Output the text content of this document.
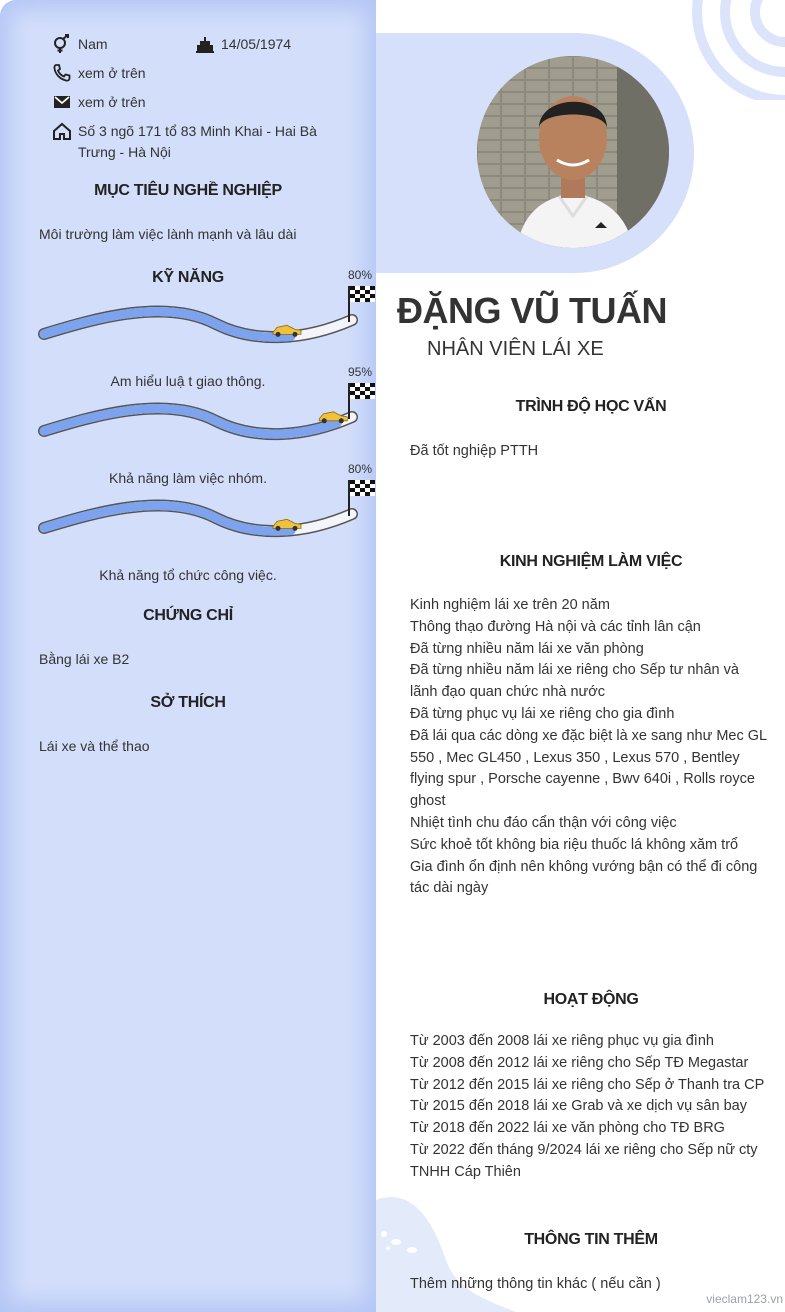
Nam	14/05/1974
xem ở trên
xem ở trên
Số 3 ngõ 171 tổ 83 Minh Khai - Hai Bà Trưng - Hà Nội
MỤC TIÊU NGHỀ NGHIỆP
Môi trường làm việc lành mạnh và lâu dài
KỸ NĂNG	80%
Am hiểu luậ t giao thông.
95%
Khả năng làm việc nhóm.
80%
Khả năng tổ chức công việc.
CHỨNG CHỈ
Bằng lái xe B2
SỞ THÍCH
Lái xe và thể thao
ĐẶNG VŨ TUẤN
NHÂN VIÊN LÁI XE
TRÌNH ĐỘ HỌC VẤN
Đã tốt nghiệp PTTH
KINH NGHIỆM LÀM VIỆC
Kinh nghiệm lái xe trên 20 năm
Thông thạo đường Hà nội và các tỉnh lân cận
Đã từng nhiều năm lái xe văn phòng
Đã từng nhiều năm lái xe riêng cho Sếp tư nhân và lãnh đạo quan chức nhà nước
Đã từng phục vụ lái xe riêng cho gia đình
Đã lái qua các dòng xe đặc biệt là xe sang như Mec GL 550 , Mec GL450 , Lexus 350 , Lexus 570 , Bentley flying spur , Porsche cayenne , Bwv 640i , Rolls royce ghost
Nhiệt tình chu đáo cẩn thận với công việc
Sức khoẻ tốt không bia riệu thuốc lá không xăm trổ
Gia đình ổn định nên không vướng bận có thể đi công tác dài ngày
HOẠT ĐỘNG
Từ 2003 đến 2008 lái xe riêng phục vụ gia đình
Từ 2008 đến 2012 lái xe riêng cho Sếp TĐ Megastar
Từ 2012 đến 2015 lái xe riêng cho Sếp ở Thanh tra CP
Từ 2015 đến 2018 lái xe Grab và xe dịch vụ sân bay
Từ 2018 đến 2022 lái xe văn phòng cho TĐ BRG
Từ 2022 đến tháng 9/2024 lái xe riêng cho Sếp nữ cty TNHH Cáp Thiên
THÔNG TIN THÊM
Thêm những thông tin khác ( nếu cần )
vieclam123.vn
